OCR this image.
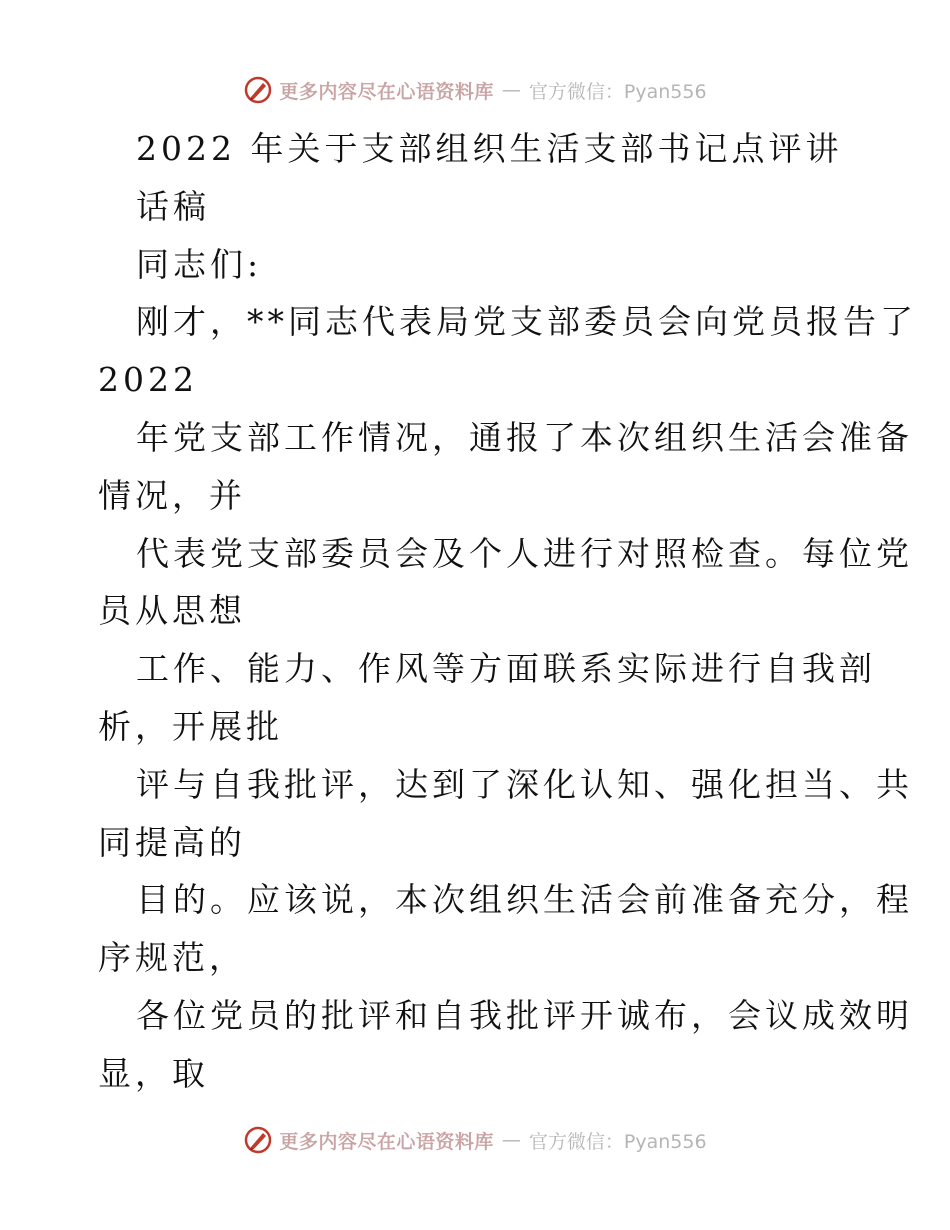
更多内容尽在心语资料库 — 官方微信：Pyan556
2022 年关于支部组织生活支部书记点评讲
话稿
同志们:
刚才，**同志代表局党支部委员会向党员报告了
2022
年党支部工作情况，通报了本次组织生活会准备
情况，并
代表党支部委员会及个人进行对照检查。每位党
员从思想
工作、能力、作风等方面联系实际进行自我剖
析，开展批
评与自我批评，达到了深化认知、强化担当、共
同提高的
目的。应该说，本次组织生活会前准备充分，程
序规范，
各位党员的批评和自我批评开诚布，会议成效明
显，取
更多内容尽在心语资料库 — 官方微信：Pyan556
